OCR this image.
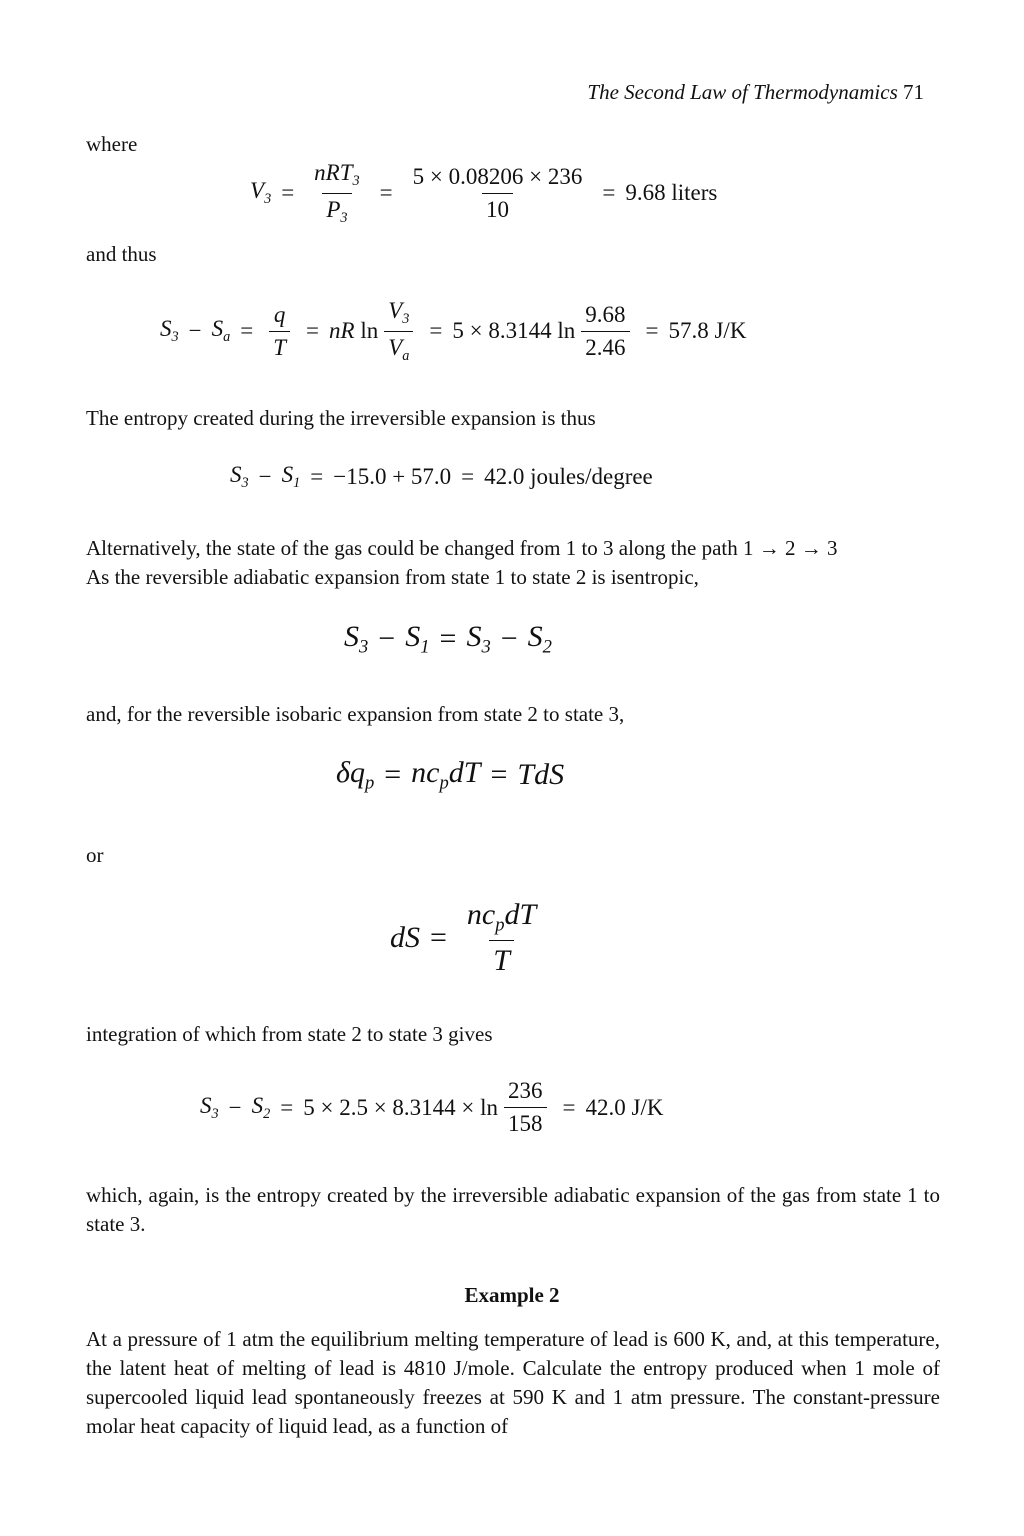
The Second Law of Thermodynamics 71
where
$V_3 = \frac{nRT_3}{P_3} = \frac{5 \times 0.08206 \times 236}{10} = 9.68$ liters
and thus
$S_3 - S_a = \frac{q}{T}$ = nR
$\ln \frac{V_3}{V_a} = 5 \times 8.3144$
$\ln \frac{9.68}{2.46} = 57.8$ J/K
The entropy created during the irreversible expansion is thus
$S_3 - S_1 = -15.0 + 57.0 = 42.0$ joules/degree
Alternatively, the state of the gas could be changed from 1 to 3 along the path 1 → 2 → 3
As the reversible adiabatic expansion from state 1 to state 2 is isentropic,
$S_3 - S_1 = S_3 - S_2$
and, for the reversible isobaric expansion from state 2 to state 3,
$\delta q_p = nc_pdT$ = TdS
or
dS = $\frac{nc_pdT}{T}$
integration of which from state 2 to state 3 gives
$S_3 - S_2 = 5 \times 2.5 \times 8.3144$ ×
$\ln \frac{236}{158} = 42.0$ J/K
which, again, is the entropy created by the irreversible adiabatic expansion of the gas from state 1 to state 3.
Example 2
At a pressure of 1 atm the equilibrium melting temperature of lead is 600 K, and, at this temperature, the latent heat of melting of lead is 4810 J/mole. Calculate the entropy produced when 1 mole of supercooled liquid lead spontaneously freezes at 590 K and 1 atm pressure. The constant-pressure molar heat capacity of liquid lead, as a function of
